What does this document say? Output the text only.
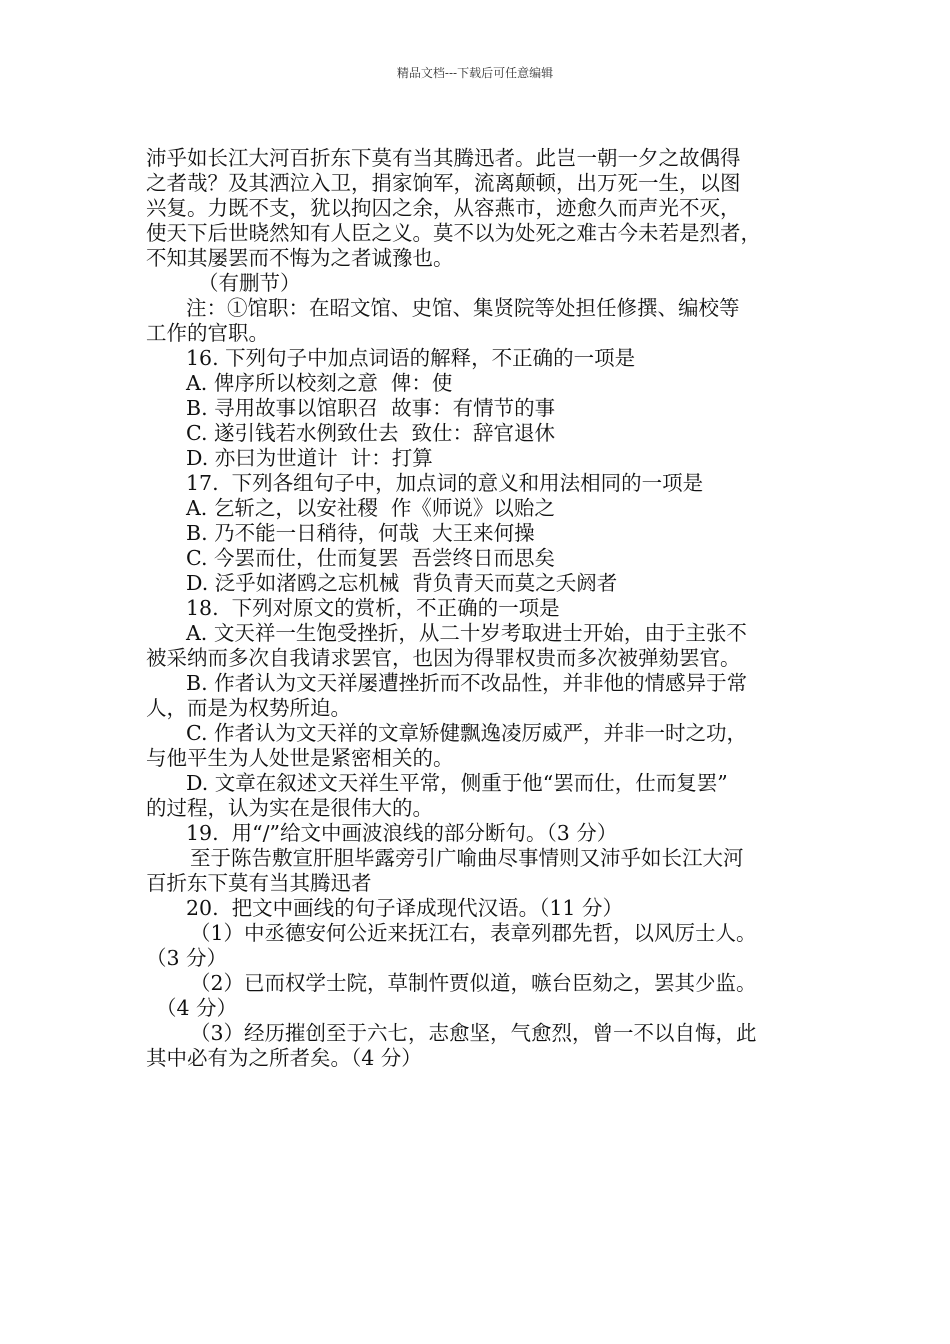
精品文档---下载后可任意编辑
沛乎如长江大河百折东下莫有当其腾迅者。此岂一朝一夕之故偶得
之者哉？及其洒泣入卫，捐家饷军，流离颠顿，出万死一生，以图
兴复。力既不支，犹以拘囚之余，从容燕市，迹愈久而声光不灭，
使天下后世晓然知有人臣之义。莫不以为处死之难古今未若是烈者，
不知其屡罢而不悔为之者诚豫也。
（有删节）
注：①馆职：在昭文馆、史馆、集贤院等处担任修撰、编校等
工作的官职。
16. 下列句子中加点词语的解释，不正确的一项是
A. 俾序所以校刻之意  俾：使
B. 寻用故事以馆职召  故事：有情节的事
C. 遂引钱若水例致仕去  致仕：辞官退休
D. 亦曰为世道计  计：打算
17.  下列各组句子中，加点词的意义和用法相同的一项是
A. 乞斩之，以安社稷  作《师说》以贻之
B. 乃不能一日稍待，何哉  大王来何操
C. 今罢而仕，仕而复罢  吾尝终日而思矣
D. 泛乎如渚鸥之忘机械  背负青天而莫之夭阏者
18.  下列对原文的赏析，不正确的一项是
A. 文天祥一生饱受挫折，从二十岁考取进士开始，由于主张不
被采纳而多次自我请求罢官，也因为得罪权贵而多次被弹劾罢官。
B. 作者认为文天祥屡遭挫折而不改品性，并非他的情感异于常
人，而是为权势所迫。
C. 作者认为文天祥的文章矫健飘逸凌厉威严，并非一时之功，
与他平生为人处世是紧密相关的。
D. 文章在叙述文天祥生平常，侧重于他“罢而仕，仕而复罢”
的过程，认为实在是很伟大的。
19.  用“/”给文中画波浪线的部分断句。（3 分）
至于陈告敷宣肝胆毕露旁引广喻曲尽事情则又沛乎如长江大河
百折东下莫有当其腾迅者
20.  把文中画线的句子译成现代汉语。（11 分）
（1）中丞德安何公近来抚江右，表章列郡先哲，以风厉士人。
（3 分）
（2）已而权学士院，草制忤贾似道，嗾台臣劾之，罢其少监。
（4 分）
（3）经历摧创至于六七，志愈坚，气愈烈，曾一不以自悔，此
其中必有为之所者矣。（4 分）
